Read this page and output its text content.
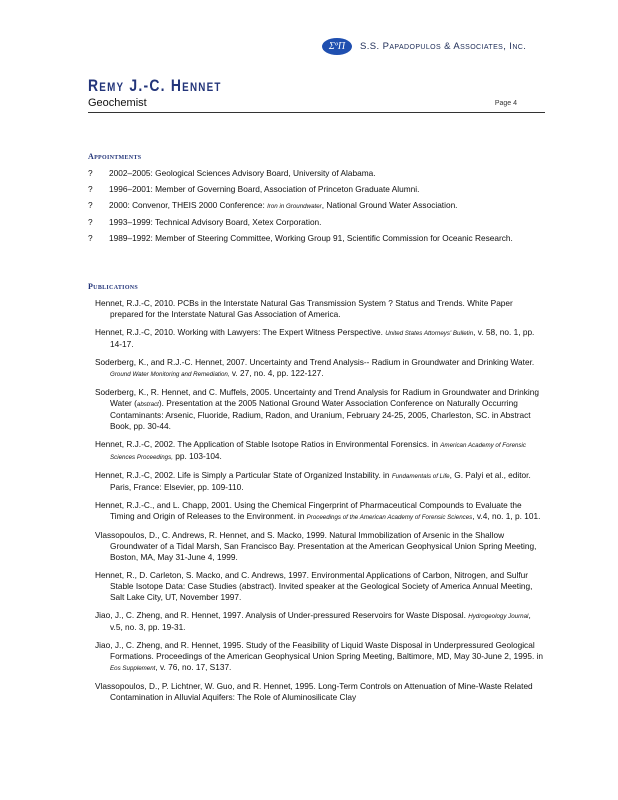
ΣºΠ	S.S. Papadopulos & Associates, Inc.
Remy J.-C. Hennet
Geochemist	Page 4
Appointments
?	2002–2005: Geological Sciences Advisory Board, University of Alabama.
?	1996–2001: Member of Governing Board, Association of Princeton Graduate Alumni.
?	2000: Convenor, THEIS 2000 Conference: Iron in Groundwater, National Ground Water Association.
?	1993–1999: Technical Advisory Board, Xetex Corporation.
?	1989–1992: Member of Steering Committee, Working Group 91, Scientific Commission for Oceanic Research.
Publications
Hennet, R.J.-C, 2010. PCBs in the Interstate Natural Gas Transmission System ? Status and Trends. White Paper prepared for the Interstate Natural Gas Association of America.
Hennet, R.J.-C, 2010. Working with Lawyers: The Expert Witness Perspective. United States Attorneys' Bulletin, v. 58, no. 1, pp. 14-17.
Soderberg, K., and R.J.-C. Hennet, 2007. Uncertainty and Trend Analysis-- Radium in Groundwater and Drinking Water. Ground Water Monitoring and Remediation, v. 27, no. 4, pp. 122-127.
Soderberg, K., R. Hennet, and C. Muffels, 2005. Uncertainty and Trend Analysis for Radium in Groundwater and Drinking Water (abstract). Presentation at the 2005 National Ground Water Association Conference on Naturally Occurring Contaminants: Arsenic, Fluoride, Radium, Radon, and Uranium, February 24-25, 2005, Charleston, SC. in Abstract Book, pp. 30-44.
Hennet, R.J.-C, 2002. The Application of Stable Isotope Ratios in Environmental Forensics. in American Academy of Forensic Sciences Proceedings, pp. 103-104.
Hennet, R.J.-C, 2002. Life is Simply a Particular State of Organized Instability. in Fundamentals of Life, G. Palyi et al., editor. Paris, France: Elsevier, pp. 109-110.
Hennet, R.J.-C., and L. Chapp, 2001. Using the Chemical Fingerprint of Pharmaceutical Compounds to Evaluate the Timing and Origin of Releases to the Environment. in Proceedings of the American Academy of Forensic Sciences, v.4, no. 1, p. 101.
Vlassopoulos, D., C. Andrews, R. Hennet, and S. Macko, 1999. Natural Immobilization of Arsenic in the Shallow Groundwater of a Tidal Marsh, San Francisco Bay. Presentation at the American Geophysical Union Spring Meeting, Boston, MA, May 31-June 4, 1999.
Hennet, R., D. Carleton, S. Macko, and C. Andrews, 1997. Environmental Applications of Carbon, Nitrogen, and Sulfur Stable Isotope Data: Case Studies (abstract). Invited speaker at the Geological Society of America Annual Meeting, Salt Lake City, UT, November 1997.
Jiao, J., C. Zheng, and R. Hennet, 1997. Analysis of Under-pressured Reservoirs for Waste Disposal. Hydrogeology Journal, v.5, no. 3, pp. 19-31.
Jiao, J., C. Zheng, and R. Hennet, 1995. Study of the Feasibility of Liquid Waste Disposal in Underpressured Geological Formations. Proceedings of the American Geophysical Union Spring Meeting, Baltimore, MD, May 30-June 2, 1995. in Eos Supplement, v. 76, no. 17, S137.
Vlassopoulos, D., P. Lichtner, W. Guo, and R. Hennet, 1995. Long-Term Controls on Attenuation of Mine-Waste Related Contamination in Alluvial Aquifers: The Role of Aluminosilicate Clay
